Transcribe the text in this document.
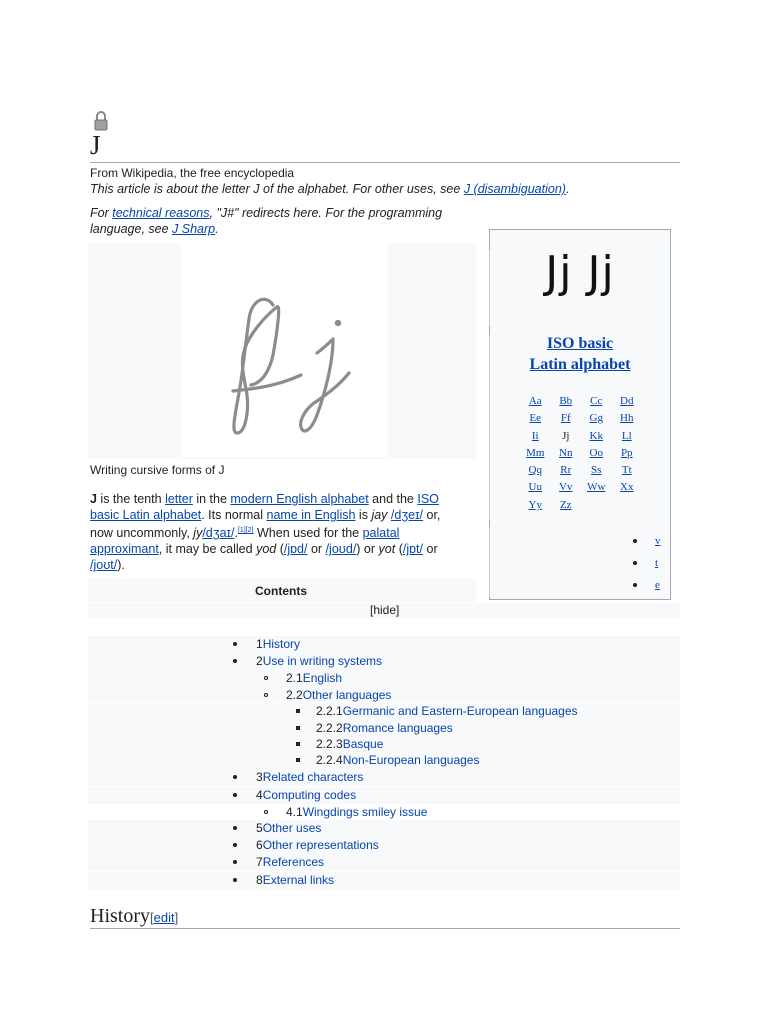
J
From Wikipedia, the free encyclopedia
This article is about the letter J of the alphabet. For other uses, see J (disambiguation).
For technical reasons, "J#" redirects here. For the programming language, see J Sharp.
Writing cursive forms of J
J is the tenth letter in the modern English alphabet and the ISO basic Latin alphabet. Its normal name in English is jay /dʒeɪ/ or, now uncommonly, jy/dʒaɪ/.[1][2] When used for the palatal approximant, it may be called yod (/jɒd/ or /joʊd/) or yot (/jɒt/ or /joʊt/).
Jj Jj
ISO basic
Latin alphabet
Aa	Bb	Cc	Dd
Ee	Ff	Gg	Hh
Ii	Jj	Kk	Ll
Mm	Nn	Oo	Pp
Qq	Rr	Ss	Tt
Uu	Vv	Ww	Xx
Yy	Zz
v
t
e
Contents
[hide]
1 History
2 Use in writing systems
2.1 English
2.2 Other languages
2.2.1 Germanic and Eastern-European languages
2.2.2 Romance languages
2.2.3 Basque
2.2.4 Non-European languages
3 Related characters
4 Computing codes
4.1 Wingdings smiley issue
5 Other uses
6 Other representations
7 References
8 External links
History[edit]
